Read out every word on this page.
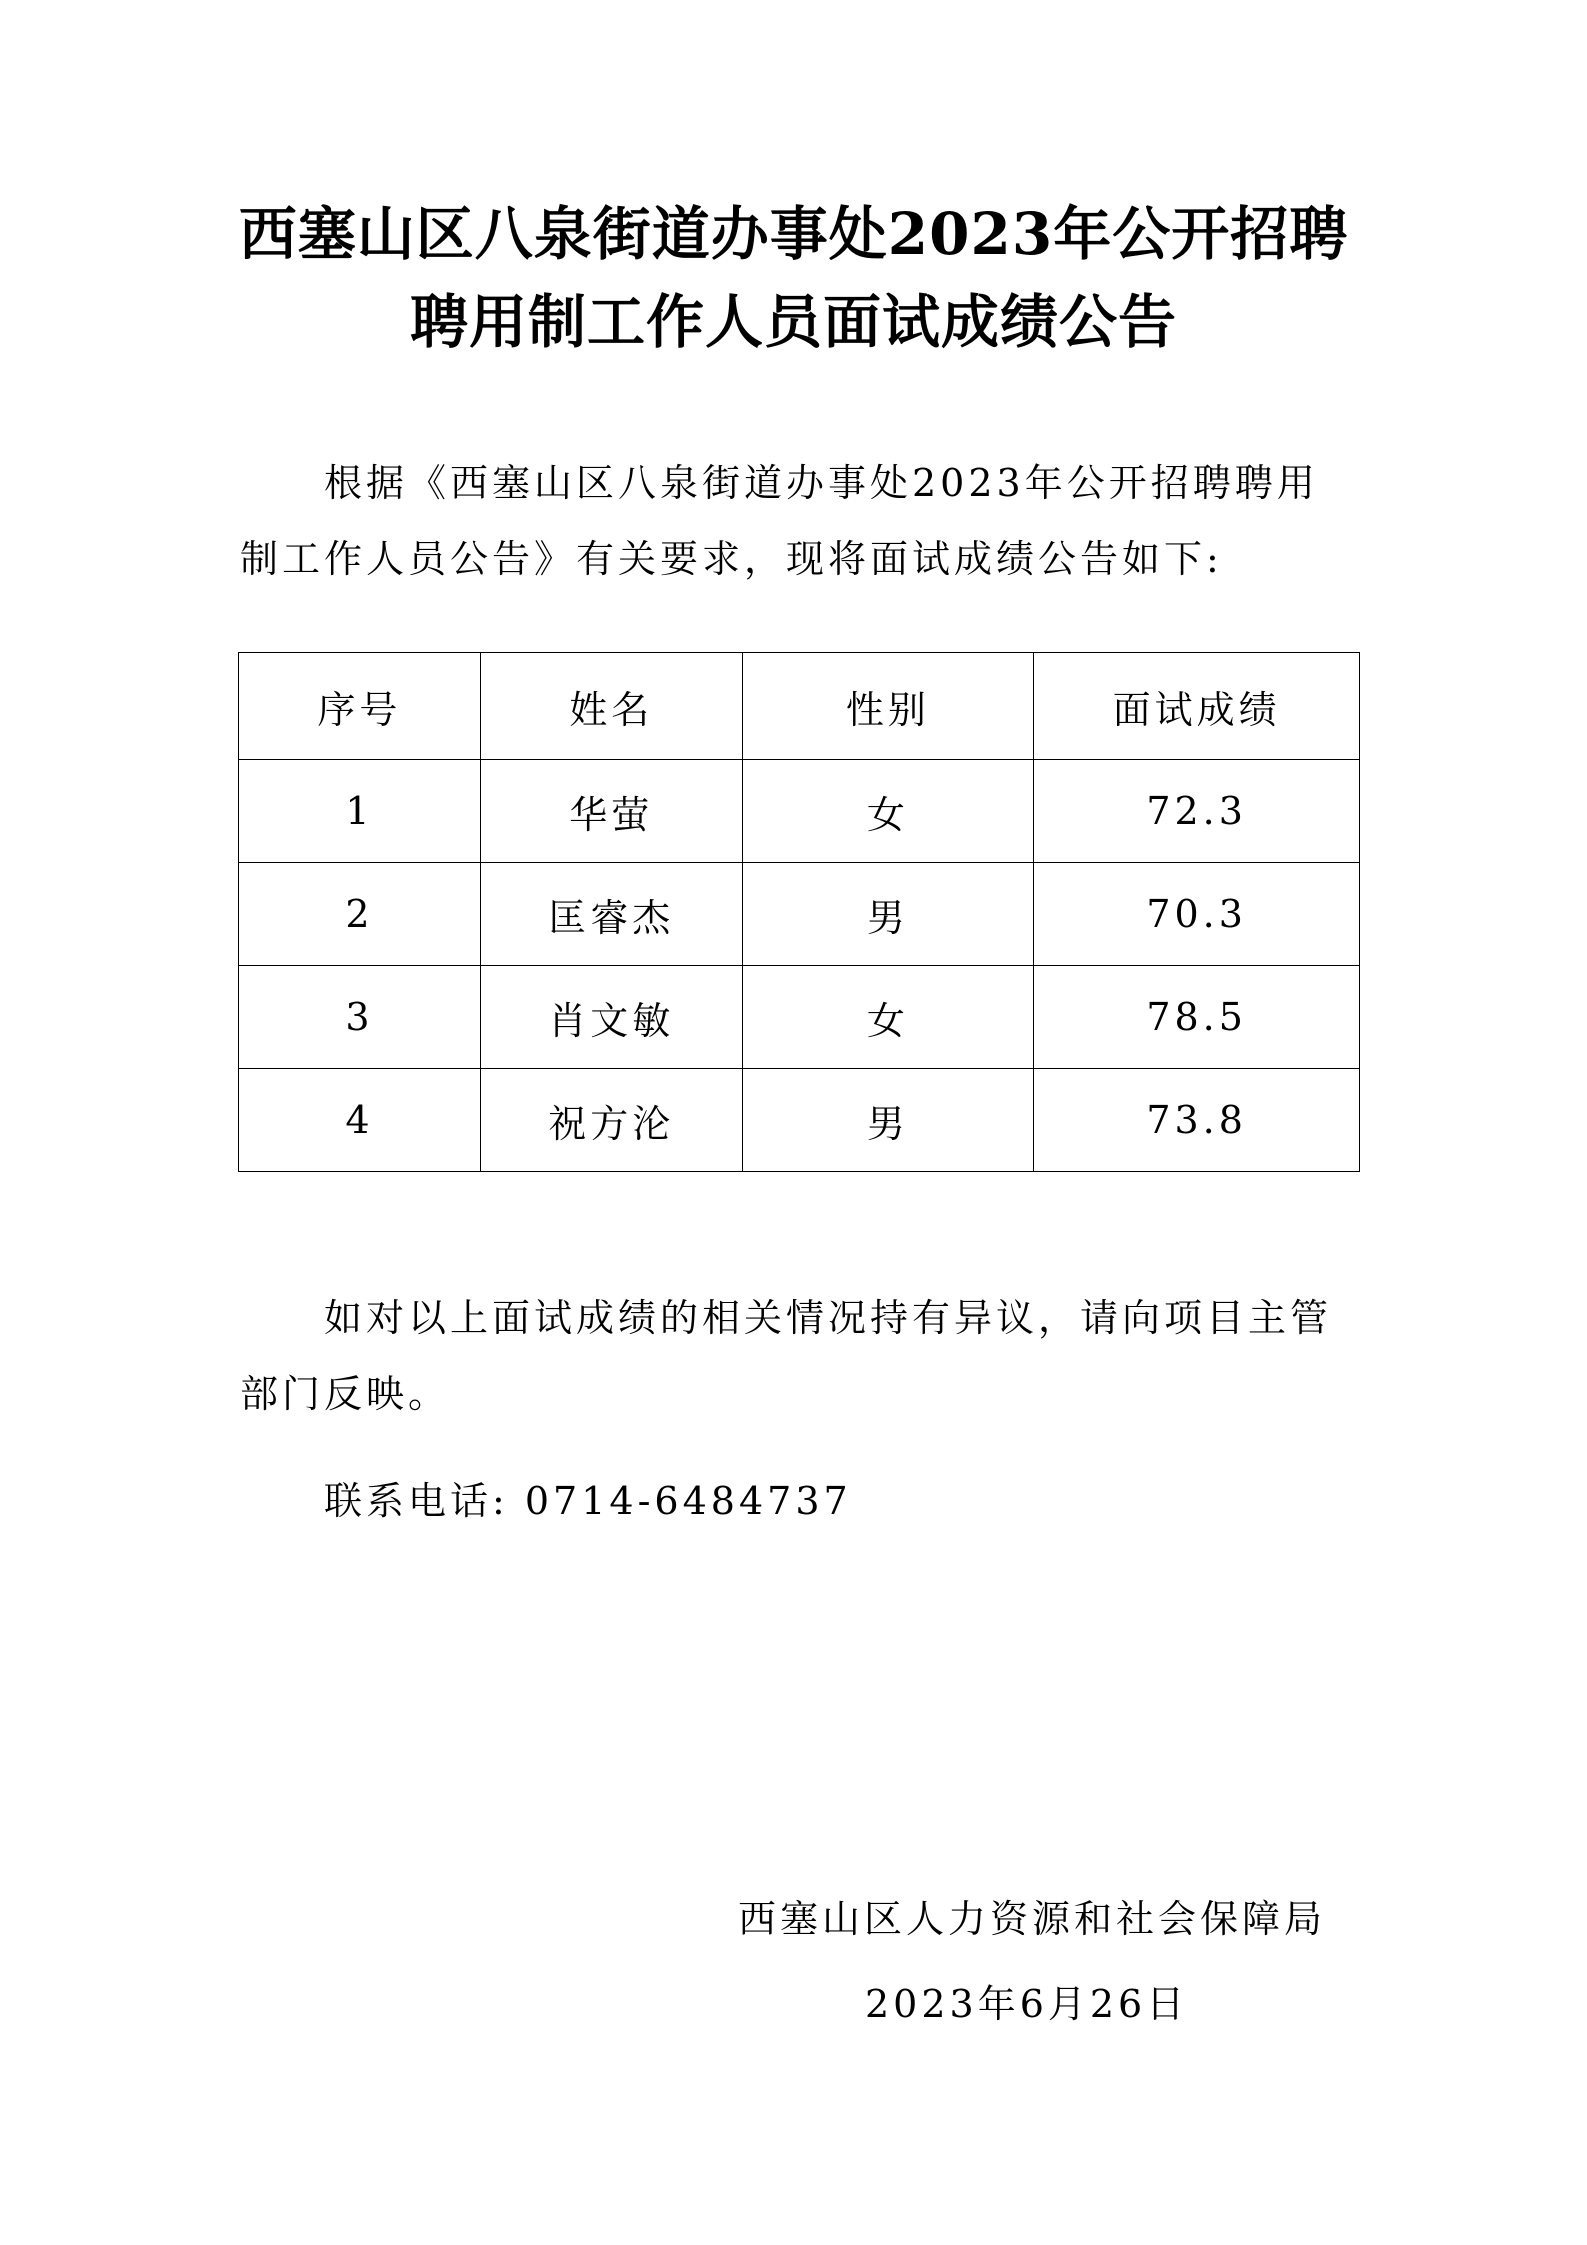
西塞山区八泉街道办事处2023年公开招聘
聘用制工作人员面试成绩公告
根据《西塞山区八泉街道办事处2023年公开招聘聘用
制工作人员公告》有关要求，现将面试成绩公告如下:
序号	姓名	性别	面试成绩
1	华萤	女	72.3
2	匡睿杰	男	70.3
3	肖文敏	女	78.5
4	祝方沦	男	73.8
如对以上面试成绩的相关情况持有异议，请向项目主管
部门反映。
联系电话: 0714-6484737
西塞山区人力资源和社会保障局
2023年6月26日
